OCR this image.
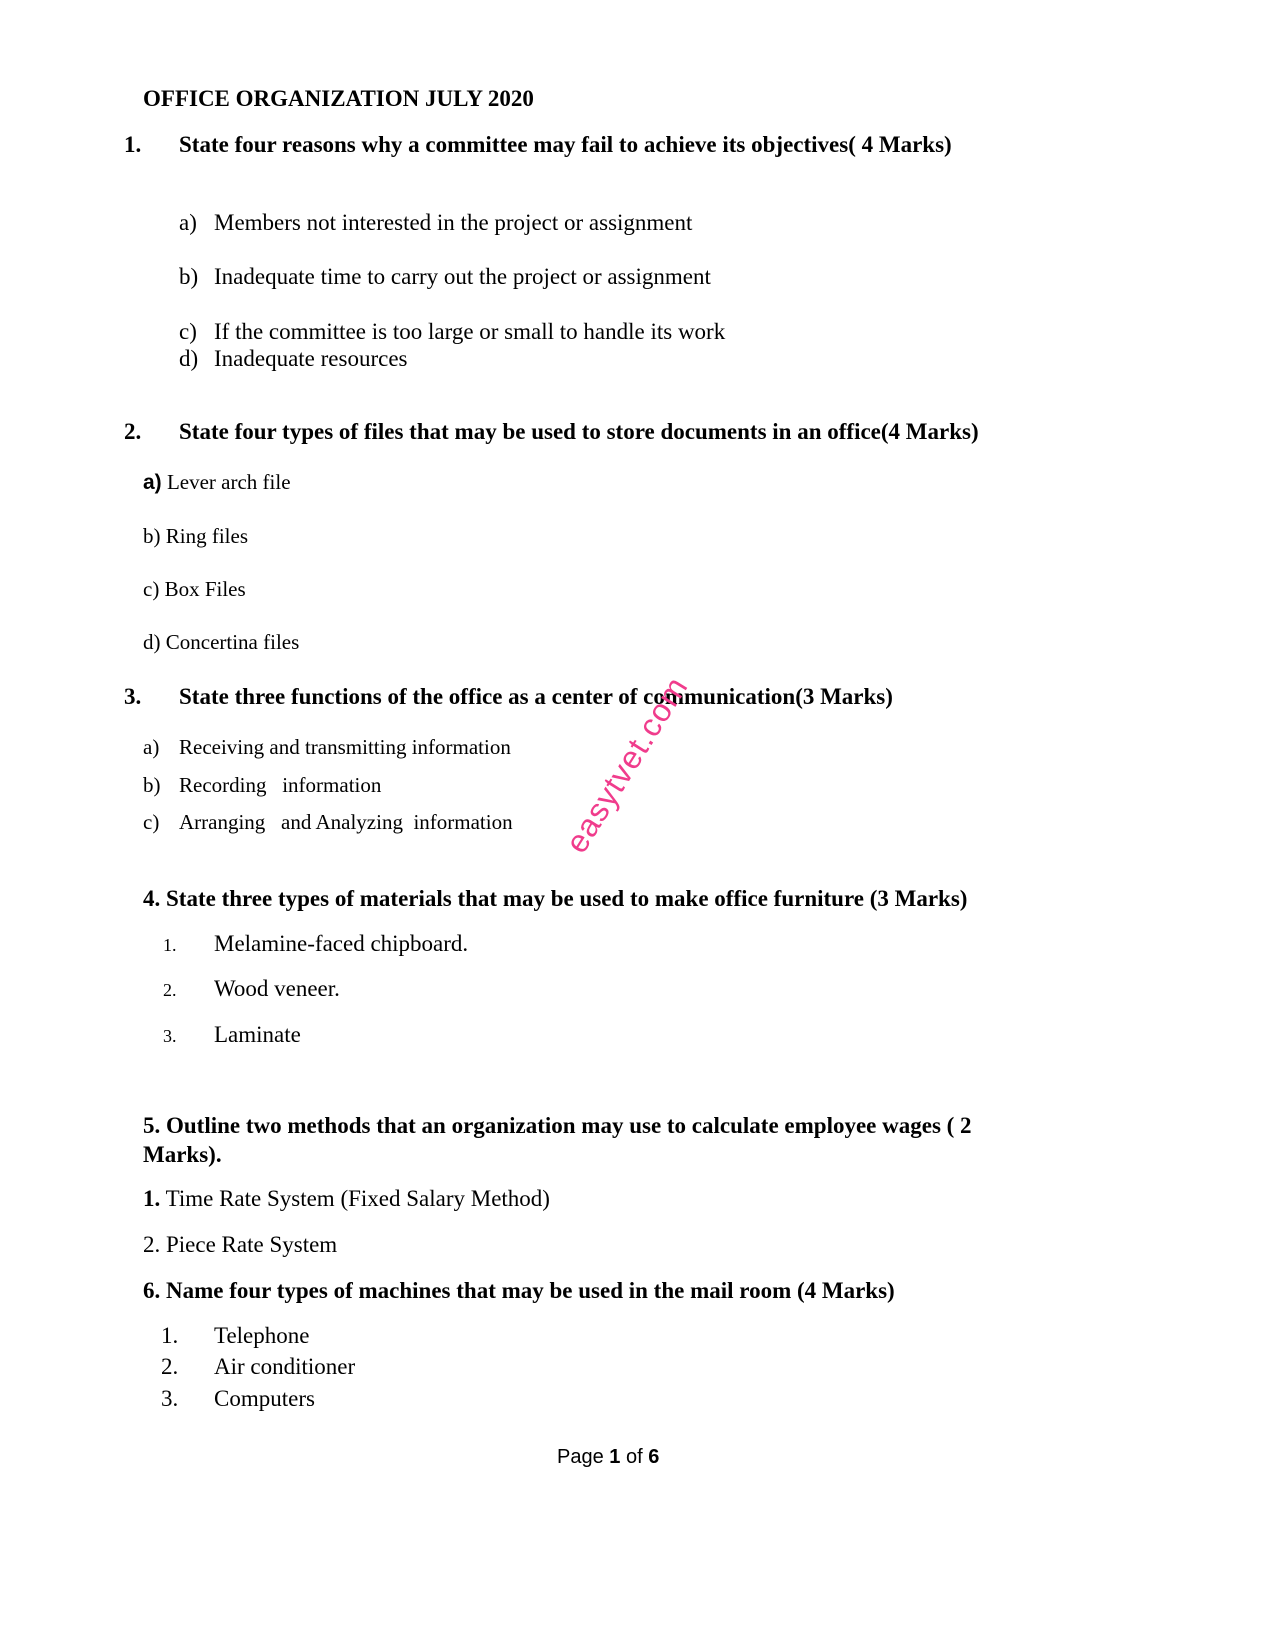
OFFICE ORGANIZATION JULY 2020
1. State four reasons why a committee may fail to achieve its objectives( 4 Marks)
a) Members not interested in the project or assignment
b) Inadequate time to carry out the project or assignment
c) If the committee is too large or small to handle its work
d) Inadequate resources
2. State four types of files that may be used to store documents in an office(4 Marks)
a) Lever arch file
b) Ring files
c) Box Files
d) Concertina files
3. State three functions of the office as a center of communication(3 Marks)
a) Receiving and transmitting information
b) Recording   information
c) Arranging   and Analyzing  information
4. State three types of materials that may be used to make office furniture (3 Marks)
1. Melamine-faced chipboard.
2. Wood veneer.
3. Laminate
5. Outline two methods that an organization may use to calculate employee wages ( 2
Marks).
1. Time Rate System (Fixed Salary Method)
2. Piece Rate System
6. Name four types of machines that may be used in the mail room (4 Marks)
1. Telephone
2. Air conditioner
3. Computers
easytvet.com
Page 1 of 6
